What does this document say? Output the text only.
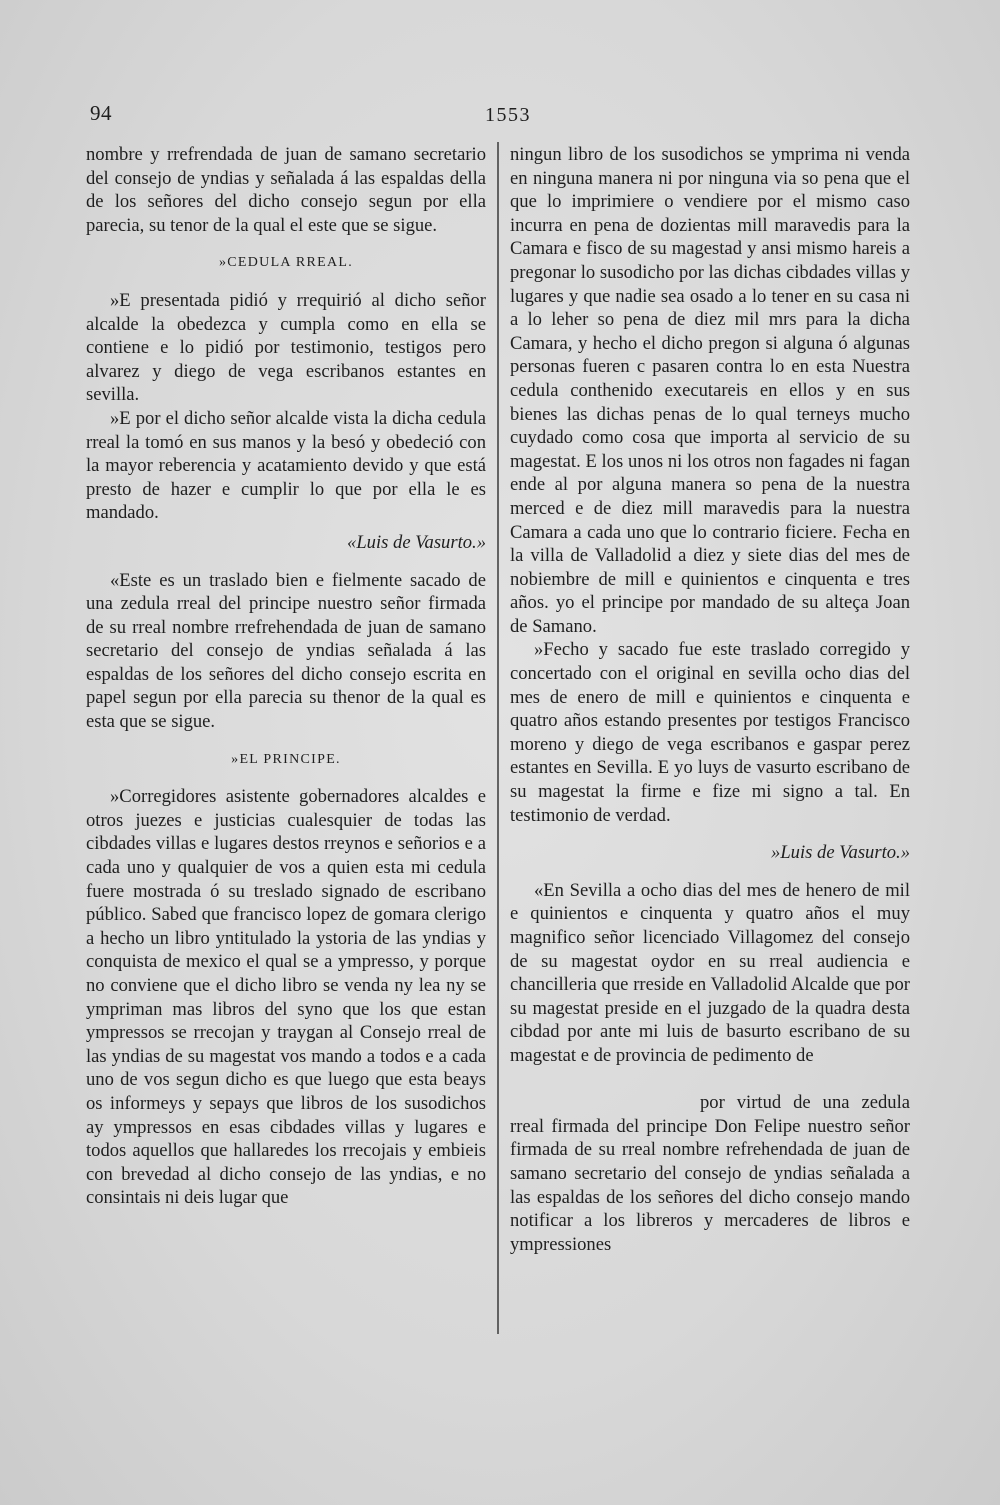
94	1553

nombre y rrefrendada de juan de samano secretario del consejo de yndias y señalada á las espaldas della de los señores del dicho consejo segun por ella parecia, su tenor de la qual el este que se sigue.

»CEDULA RREAL.

»E presentada pidió y rrequirió al dicho señor alcalde la obedezca y cumpla como en ella se contiene e lo pidió por testimonio, testigos pero alvarez y diego de vega escribanos estantes en sevilla.

»E por el dicho señor alcalde vista la dicha cedula rreal la tomó en sus manos y la besó y obedeció con la mayor reberencia y acatamiento devido y que está presto de hazer e cumplir lo que por ella le es mandado.

«Luis de Vasurto.»

«Este es un traslado bien e fielmente sacado de una zedula rreal del principe nuestro señor firmada de su rreal nombre rrefrehendada de juan de samano secretario del consejo de yndias señalada á las espaldas de los señores del dicho consejo escrita en papel segun por ella parecia su thenor de la qual es esta que se sigue.

»EL PRINCIPE.

»Corregidores asistente gobernadores alcaldes e otros juezes e justicias cualesquier de todas las cibdades villas e lugares destos rreynos e señorios e a cada uno y qualquier de vos a quien esta mi cedula fuere mostrada ó su treslado signado de escribano público. Sabed que francisco lopez de gomara clerigo a hecho un libro yntitulado la ystoria de las yndias y conquista de mexico el qual se a ympresso, y porque no conviene que el dicho libro se venda ny lea ny se ympriman mas libros del syno que los que estan ympressos se rrecojan y traygan al Consejo rreal de las yndias de su magestat vos mando a todos e a cada uno de vos segun dicho es que luego que esta beays os informeys y sepays que libros de los susodichos ay ympressos en esas cibdades villas y lugares e todos aquellos que hallaredes los rrecojais y embieis con brevedad al dicho consejo de las yndias, e no consintais ni deis lugar que

ningun libro de los susodichos se ymprima ni venda en ninguna manera ni por ninguna via so pena que el que lo imprimiere o vendiere por el mismo caso incurra en pena de dozientas mill maravedis para la Camara e fisco de su magestad y ansi mismo hareis a pregonar lo susodicho por las dichas cibdades villas y lugares y que nadie sea osado a lo tener en su casa ni a lo leher so pena de diez mil mrs para la dicha Camara, y hecho el dicho pregon si alguna ó algunas personas fueren c pasaren contra lo en esta Nuestra cedula conthenido executareis en ellos y en sus bienes las dichas penas de lo qual terneys mucho cuydado como cosa que importa al servicio de su magestat. E los unos ni los otros non fagades ni fagan ende al por alguna manera so pena de la nuestra merced e de diez mill maravedis para la nuestra Camara a cada uno que lo contrario ficiere. Fecha en la villa de Valladolid a diez y siete dias del mes de nobiembre de mill e quinientos e cinquenta e tres años. yo el principe por mandado de su alteça Joan de Samano.

»Fecho y sacado fue este traslado corregido y concertado con el original en sevilla ocho dias del mes de enero de mill e quinientos e cinquenta e quatro años estando presentes por testigos Francisco moreno y diego de vega escribanos e gaspar perez estantes en Sevilla. E yo luys de vasurto escribano de su magestat la firme e fize mi signo a tal. En testimonio de verdad.

»Luis de Vasurto.»

«En Sevilla a ocho dias del mes de henero de mil e quinientos e cinquenta y quatro años el muy magnifico señor licenciado Villagomez del consejo de su magestat oydor en su rreal audiencia e chancilleria que rreside en Valladolid Alcalde que por su magestat preside en el juzgado de la quadra desta cibdad por ante mi luis de basurto escribano de su magestat e de provincia de pedimento de

por virtud de una zedula rreal firmada del principe Don Felipe nuestro señor firmada de su rreal nombre refrehendada de juan de samano secretario del consejo de yndias señalada a las espaldas de los señores del dicho consejo mando notificar a los libreros y mercaderes de libros e ympressiones
